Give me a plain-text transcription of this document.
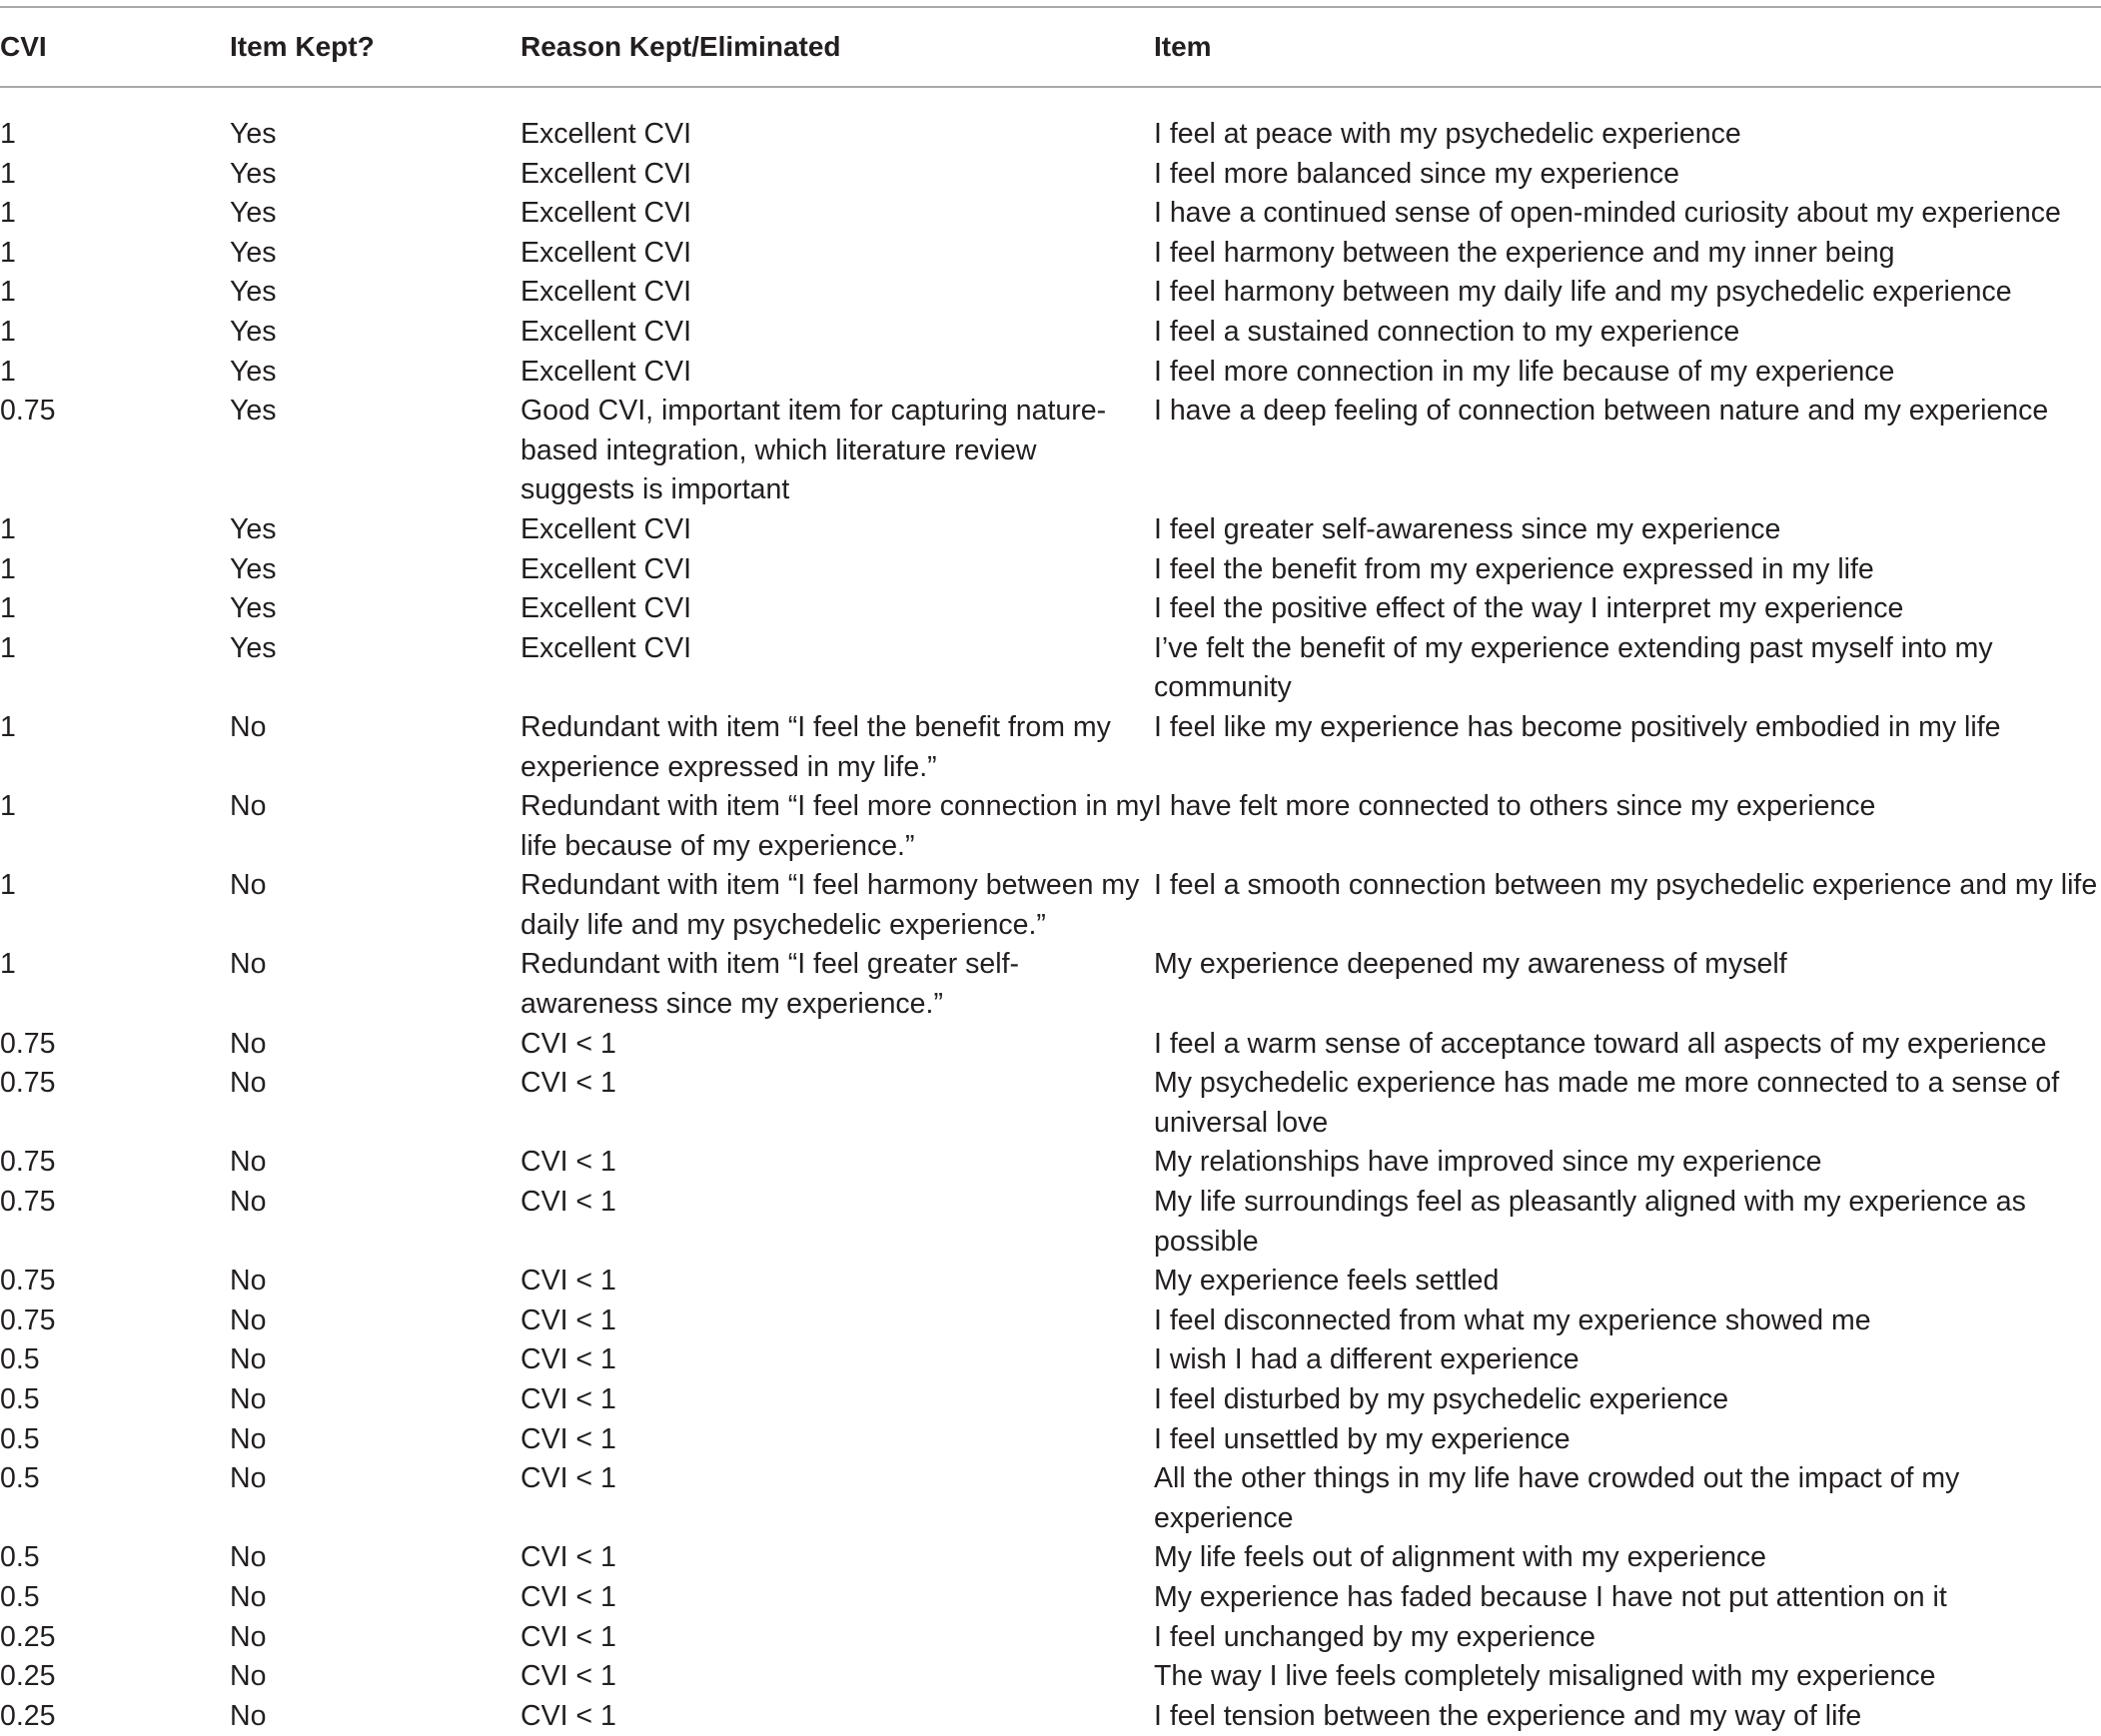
CVI	Item Kept?	Reason Kept/Eliminated	Item
1	Yes	Excellent CVI	I feel at peace with my psychedelic experience
1	Yes	Excellent CVI	I feel more balanced since my experience
1	Yes	Excellent CVI	I have a continued sense of open-minded curiosity about my experience
1	Yes	Excellent CVI	I feel harmony between the experience and my inner being
1	Yes	Excellent CVI	I feel harmony between my daily life and my psychedelic experience
1	Yes	Excellent CVI	I feel a sustained connection to my experience
1	Yes	Excellent CVI	I feel more connection in my life because of my experience
0.75	Yes	Good CVI, important item for capturing nature-based integration, which literature review suggests is important	I have a deep feeling of connection between nature and my experience
1	Yes	Excellent CVI	I feel greater self-awareness since my experience
1	Yes	Excellent CVI	I feel the benefit from my experience expressed in my life
1	Yes	Excellent CVI	I feel the positive effect of the way I interpret my experience
1	Yes	Excellent CVI	I’ve felt the benefit of my experience extending past myself into my community
1	No	Redundant with item “I feel the benefit from my experience expressed in my life.”	I feel like my experience has become positively embodied in my life
1	No	Redundant with item “I feel more connection in my life because of my experience.”	I have felt more connected to others since my experience
1	No	Redundant with item “I feel harmony between my daily life and my psychedelic experience.”	I feel a smooth connection between my psychedelic experience and my life
1	No	Redundant with item “I feel greater self-awareness since my experience.”	My experience deepened my awareness of myself
0.75	No	CVI < 1	I feel a warm sense of acceptance toward all aspects of my experience
0.75	No	CVI < 1	My psychedelic experience has made me more connected to a sense of universal love
0.75	No	CVI < 1	My relationships have improved since my experience
0.75	No	CVI < 1	My life surroundings feel as pleasantly aligned with my experience as possible
0.75	No	CVI < 1	My experience feels settled
0.75	No	CVI < 1	I feel disconnected from what my experience showed me
0.5	No	CVI < 1	I wish I had a different experience
0.5	No	CVI < 1	I feel disturbed by my psychedelic experience
0.5	No	CVI < 1	I feel unsettled by my experience
0.5	No	CVI < 1	All the other things in my life have crowded out the impact of my experience
0.5	No	CVI < 1	My life feels out of alignment with my experience
0.5	No	CVI < 1	My experience has faded because I have not put attention on it
0.25	No	CVI < 1	I feel unchanged by my experience
0.25	No	CVI < 1	The way I live feels completely misaligned with my experience
0.25	No	CVI < 1	I feel tension between the experience and my way of life
